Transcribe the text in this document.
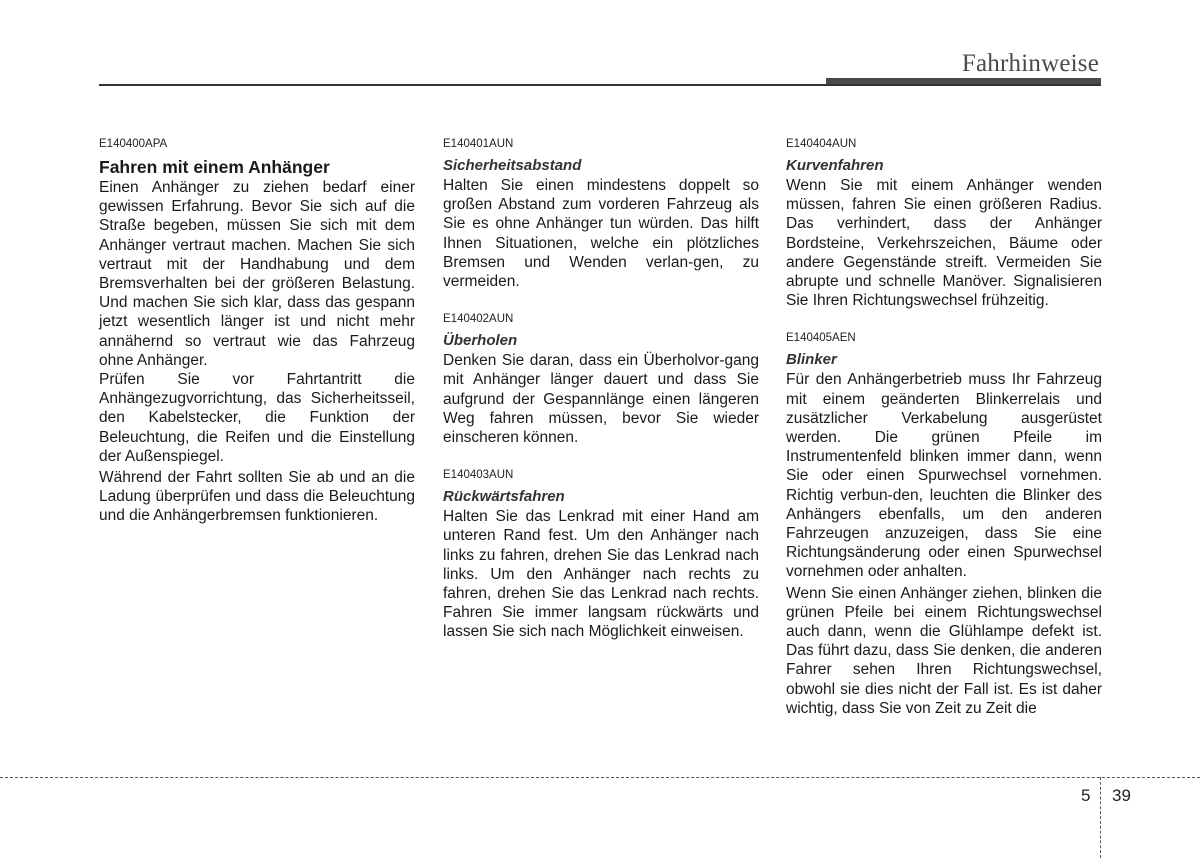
Fahrhinweise
E140400APA
Fahren mit einem Anhänger

Einen Anhänger zu ziehen bedarf einer gewissen Erfahrung. Bevor Sie sich auf die Straße begeben, müssen Sie sich mit dem Anhänger vertraut machen. Machen Sie sich vertraut mit der Handhabung und dem Bremsverhalten bei der größeren Belastung. Und machen Sie sich klar, dass das gespann jetzt wesentlich länger ist und nicht mehr annähernd so vertraut wie das Fahrzeug ohne Anhänger.

Prüfen Sie vor Fahrtantritt die Anhängezugvorrichtung, das Sicherheitsseil, den Kabelstecker, die Funktion der Beleuchtung, die Reifen und die Einstellung der Außenspiegel.

Während der Fahrt sollten Sie ab und an die Ladung überprüfen und dass die Beleuchtung und die Anhängerbremsen funktionieren.

E140401AUN
Sicherheitsabstand

Halten Sie einen mindestens doppelt so großen Abstand zum vorderen Fahrzeug als Sie es ohne Anhänger tun würden. Das hilft Ihnen Situationen, welche ein plötzliches Bremsen und Wenden verlan-gen, zu vermeiden.

E140402AUN
Überholen

Denken Sie daran, dass ein Überholvor-gang mit Anhänger länger dauert und dass Sie aufgrund der Gespannlänge einen längeren Weg fahren müssen, bevor Sie wieder einscheren können.

E140403AUN
Rückwärtsfahren

Halten Sie das Lenkrad mit einer Hand am unteren Rand fest. Um den Anhänger nach links zu fahren, drehen Sie das Lenkrad nach links. Um den Anhänger nach rechts zu fahren, drehen Sie das Lenkrad nach rechts. Fahren Sie immer langsam rückwärts und lassen Sie sich nach Möglichkeit einweisen.

E140404AUN
Kurvenfahren

Wenn Sie mit einem Anhänger wenden müssen, fahren Sie einen größeren Radius. Das verhindert, dass der Anhänger Bordsteine, Verkehrszeichen, Bäume oder andere Gegenstände streift. Vermeiden Sie abrupte und schnelle Manöver. Signalisieren Sie Ihren Richtungswechsel frühzeitig.

E140405AEN
Blinker

Für den Anhängerbetrieb muss Ihr Fahrzeug mit einem geänderten Blinkerrelais und zusätzlicher Verkabelung ausgerüstet werden. Die grünen Pfeile im Instrumentenfeld blinken immer dann, wenn Sie oder einen Spurwechsel vornehmen. Richtig verbun-den, leuchten die Blinker des Anhängers ebenfalls, um den anderen Fahrzeugen anzuzeigen, dass Sie eine Richtungsänderung oder einen Spurwechsel vornehmen oder anhalten.

Wenn Sie einen Anhänger ziehen, blinken die grünen Pfeile bei einem Richtungswechsel auch dann, wenn die Glühlampe defekt ist. Das führt dazu, dass Sie denken, die anderen Fahrer sehen Ihren Richtungswechsel, obwohl sie dies nicht der Fall ist. Es ist daher wichtig, dass Sie von Zeit zu Zeit die

5 39
